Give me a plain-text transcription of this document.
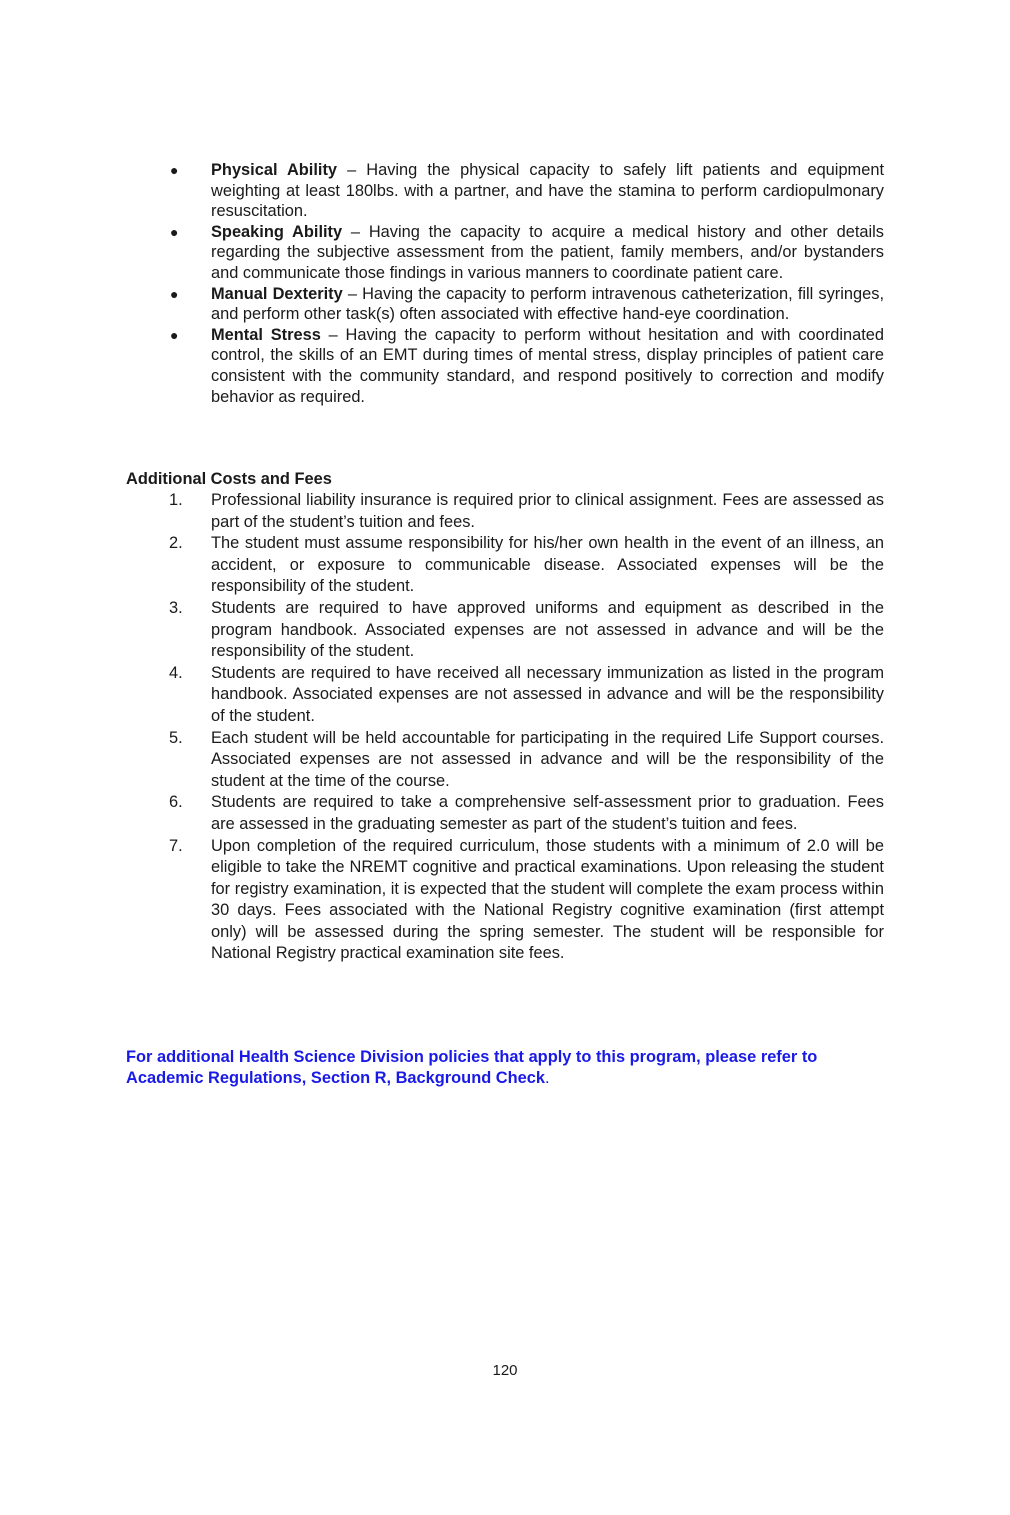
● Physical Ability – Having the physical capacity to safely lift patients and equipment weighting at least 180lbs. with a partner, and have the stamina to perform cardiopulmonary resuscitation.
● Speaking Ability – Having the capacity to acquire a medical history and other details regarding the subjective assessment from the patient, family members, and/or bystanders and communicate those findings in various manners to coordinate patient care.
● Manual Dexterity – Having the capacity to perform intravenous catheterization, fill syringes, and perform other task(s) often associated with effective hand-eye coordination.
● Mental Stress – Having the capacity to perform without hesitation and with coordinated control, the skills of an EMT during times of mental stress, display principles of patient care consistent with the community standard, and respond positively to correction and modify behavior as required.
Additional Costs and Fees
1. Professional liability insurance is required prior to clinical assignment. Fees are assessed as part of the student’s tuition and fees.
2. The student must assume responsibility for his/her own health in the event of an illness, an accident, or exposure to communicable disease. Associated expenses will be the responsibility of the student.
3. Students are required to have approved uniforms and equipment as described in the program handbook. Associated expenses are not assessed in advance and will be the responsibility of the student.
4. Students are required to have received all necessary immunization as listed in the program handbook. Associated expenses are not assessed in advance and will be the responsibility of the student.
5. Each student will be held accountable for participating in the required Life Support courses. Associated expenses are not assessed in advance and will be the responsibility of the student at the time of the course.
6. Students are required to take a comprehensive self-assessment prior to graduation. Fees are assessed in the graduating semester as part of the student’s tuition and fees.
7. Upon completion of the required curriculum, those students with a minimum of 2.0 will be eligible to take the NREMT cognitive and practical examinations. Upon releasing the student for registry examination, it is expected that the student will complete the exam process within 30 days. Fees associated with the National Registry cognitive examination (first attempt only) will be assessed during the spring semester. The student will be responsible for National Registry practical examination site fees.

For additional Health Science Division policies that apply to this program, please refer to Academic Regulations, Section R, Background Check.

120
